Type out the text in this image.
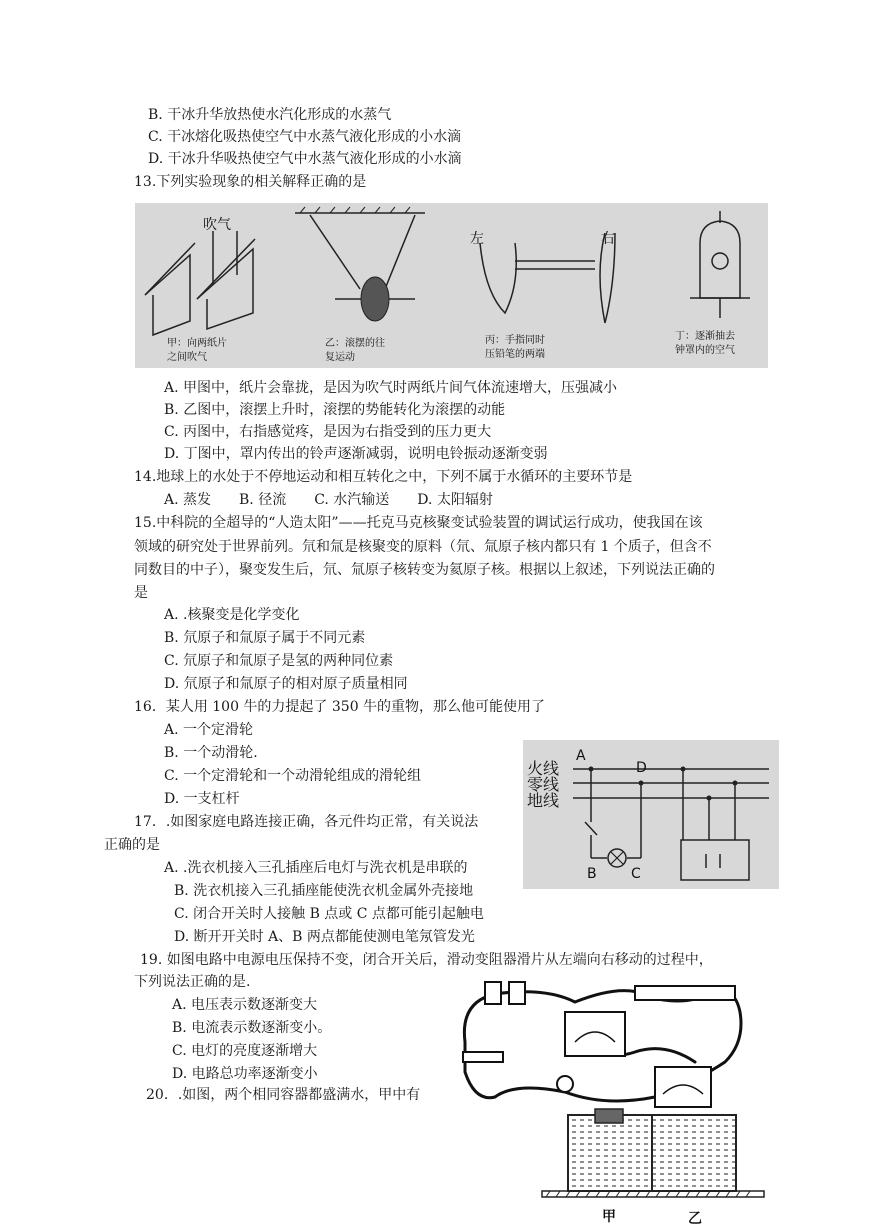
B. 干冰升华放热使水汽化形成的水蒸气
C. 干冰熔化吸热使空气中水蒸气液化形成的小水滴
D. 干冰升华吸热使空气中水蒸气液化形成的小水滴
13.下列实验现象的相关解释正确的是
吹气
左	右
甲：向两纸片
之间吹气
乙：滚摆的往
复运动
丙：手指同时
压铅笔的两端
丁：逐渐抽去
钟罩内的空气
A. 甲图中，纸片会靠拢，是因为吹气时两纸片间气体流速增大，压强减小
B. 乙图中，滚摆上升时，滚摆的势能转化为滚摆的动能
C. 丙图中，右指感觉疼，是因为右指受到的压力更大
D. 丁图中，罩内传出的铃声逐渐减弱，说明电铃振动逐渐变弱
14.地球上的水处于不停地运动和相互转化之中，下列不属于水循环的主要环节是
A. 蒸发　　B. 径流　　C. 水汽输送　　D. 太阳辐射
15.中科院的全超导的“人造太阳”——托克马克核聚变试验装置的调试运行成功，使我国在该
领域的研究处于世界前列。氘和氚是核聚变的原料（氘、氚原子核内都只有 1 个质子，但含不
同数目的中子），聚变发生后，氘、氚原子核转变为氦原子核。根据以上叙述，下列说法正确的
是
A. .核聚变是化学变化
B. 氘原子和氚原子属于不同元素
C. 氘原子和氚原子是氢的两种同位素
D. 氘原子和氚原子的相对原子质量相同
16．某人用 100 牛的力提起了 350 牛的重物，那么他可能使用了
A. 一个定滑轮
B. 一个动滑轮.
C. 一个定滑轮和一个动滑轮组成的滑轮组
D. 一支杠杆
火线
零线
地线
A
B C
D
17．.如图家庭电路连接正确，各元件均正常，有关说法
正确的是
A. .洗衣机接入三孔插座后电灯与洗衣机是串联的
B. 洗衣机接入三孔插座能使洗衣机金属外壳接地
C. 闭合开关时人接触 B 点或 C 点都可能引起触电
D. 断开开关时 A、B 两点都能使测电笔氖管发光
19. 如图电路中电源电压保持不变，闭合开关后，滑动变阻器滑片从左端向右移动的过程中，
下列说法正确的是.
A. 电压表示数逐渐变大
B. 电流表示数逐渐变小。
C. 电灯的亮度逐渐增大
D. 电路总功率逐渐变小
20．.如图，两个相同容器都盛满水，甲中有
甲	乙
